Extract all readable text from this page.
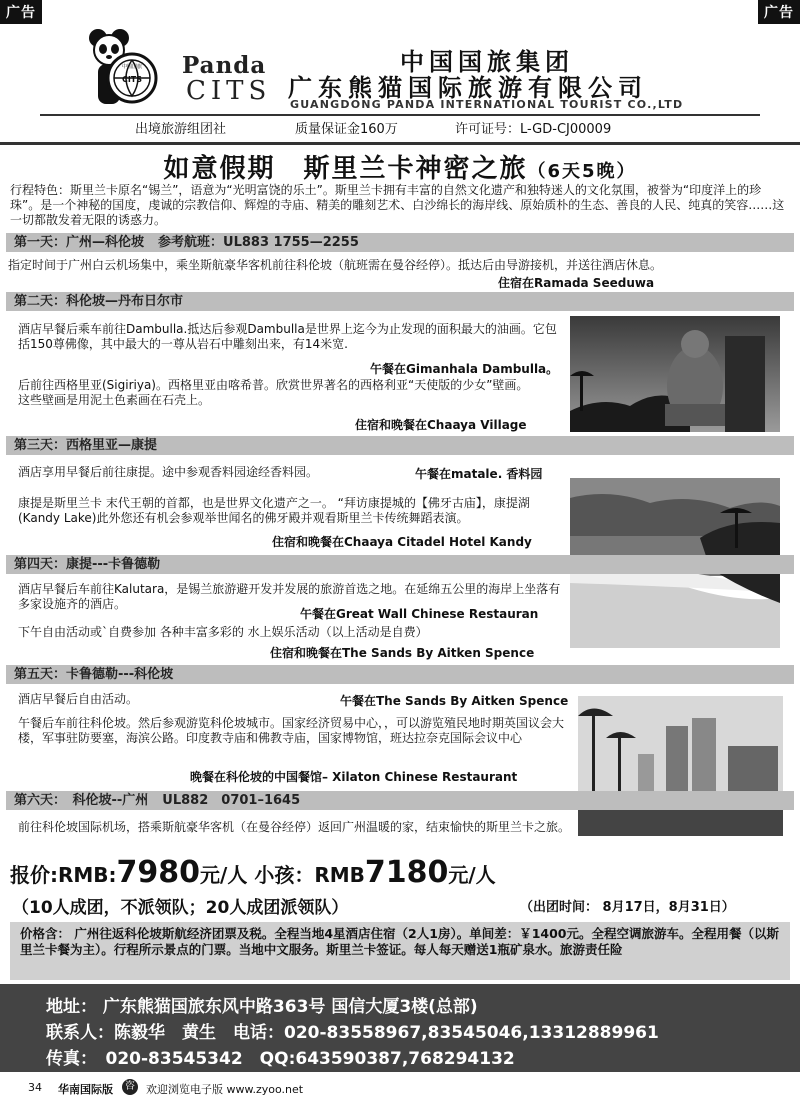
广告	广告
CITS
中国国旅 Panda
CITS
中国国旅集团
广东熊猫国际旅游有限公司
GUANGDONG PANDA INTERNATIONAL TOURIST CO.,LTD
出境旅游组团社	质量保证金160万	许可证号：L-GD-CJ00009
如意假期　斯里兰卡神密之旅（6天5晚）
行程特色：斯里兰卡原名“锡兰”，语意为“光明富饶的乐土”。斯里兰卡拥有丰富的自然文化遗产和独特迷人的文化氛围，被誉为“印度洋上的珍珠”。是一个神秘的国度，虔诚的宗教信仰、辉煌的寺庙、精美的雕刻艺术、白沙绵长的海岸线、原始质朴的生态、善良的人民、纯真的笑容……这一切都散发着无限的诱惑力。
第一天：广州—科伦坡 参考航班：UL883 1755—2255
指定时间于广州白云机场集中，乘坐斯航豪华客机前往科伦坡（航班需在曼谷经停）。抵达后由导游接机，并送往酒店休息。
住宿在Ramada Seeduwa
第二天：科伦坡—丹布日尔市
酒店早餐后乘车前往Dambulla.抵达后参观Dambulla是世界上迄今为止发现的面积最大的油画。它包括150尊佛像，其中最大的一尊从岩石中雕刻出来，有14米宽.
午餐在Gimanhala Dambulla。
后前往西格里亚(Sigiriya)。西格里亚由喀希普。欣赏世界著名的西格利亚“天使版的少女”壁画。这些壁画是用泥土色素画在石壳上。
住宿和晚餐在Chaaya Village
第三天：西格里亚—康提
酒店享用早餐后前往康提。途中参观香料园途经香料园。	午餐在matale. 香料园
康提是斯里兰卡 末代王朝的首都，也是世界文化遗产之一。 “拜访康提城的【佛牙古庙】，康提湖(Kandy Lake)此外您还有机会参观举世闻名的佛牙殿并观看斯里兰卡传统舞蹈表演。
住宿和晚餐在Chaaya Citadel Hotel Kandy
第四天：康提---卡鲁德勒
酒店早餐后车前往Kalutara，是锡兰旅游避开发并发展的旅游首选之地。在延绵五公里的海岸上坐落有多家设施齐的酒店。
午餐在Great Wall Chinese Restauran
下午自由活动或`自费参加 各种丰富多彩的 水上娱乐活动（以上活动是自费）
住宿和晚餐在The Sands By Aitken Spence
第五天：卡鲁德勒---科伦坡
酒店早餐后自由活动。	午餐在The Sands By Aitken Spence
午餐后车前往科伦坡。然后参观游览科伦坡城市。国家经济贸易中心，，可以游览殖民地时期英国议会大楼，军事驻防要塞，海滨公路。印度教寺庙和佛教寺庙，国家博物馆，班达拉奈克国际会议中心
晚餐在科伦坡的中国餐馆– Xilaton Chinese Restaurant
第六天：　科伦坡--广州 UL882　0701–1645
前往科伦坡国际机场，搭乘斯航豪华客机（在曼谷经停）返回广州温暖的家，结束愉快的斯里兰卡之旅。
报价:RMB:7980元/人 小孩：RMB7180元/人
（10人成团，不派领队；20人成团派领队）	（出团时间： 8月17日，8月31日）
价格含： 广州往返科伦坡斯航经济团票及税。全程当地4星酒店住宿（2人1房）。单间差：￥1400元。全程空调旅游车。全程用餐（以斯里兰卡餐为主）。行程所示景点的门票。当地中文服务。斯里兰卡签证。每人每天赠送1瓶矿泉水。旅游责任险
地址： 广东熊猫国旅东风中路363号 国信大厦3楼(总部)
联系人：陈毅华　黄生　电话：020-83558967,83545046,13312889961
传真：　020-83545342　QQ:643590387,768294132
34 华南国际版	咨 欢迎浏览电子版 www.zyoo.net
